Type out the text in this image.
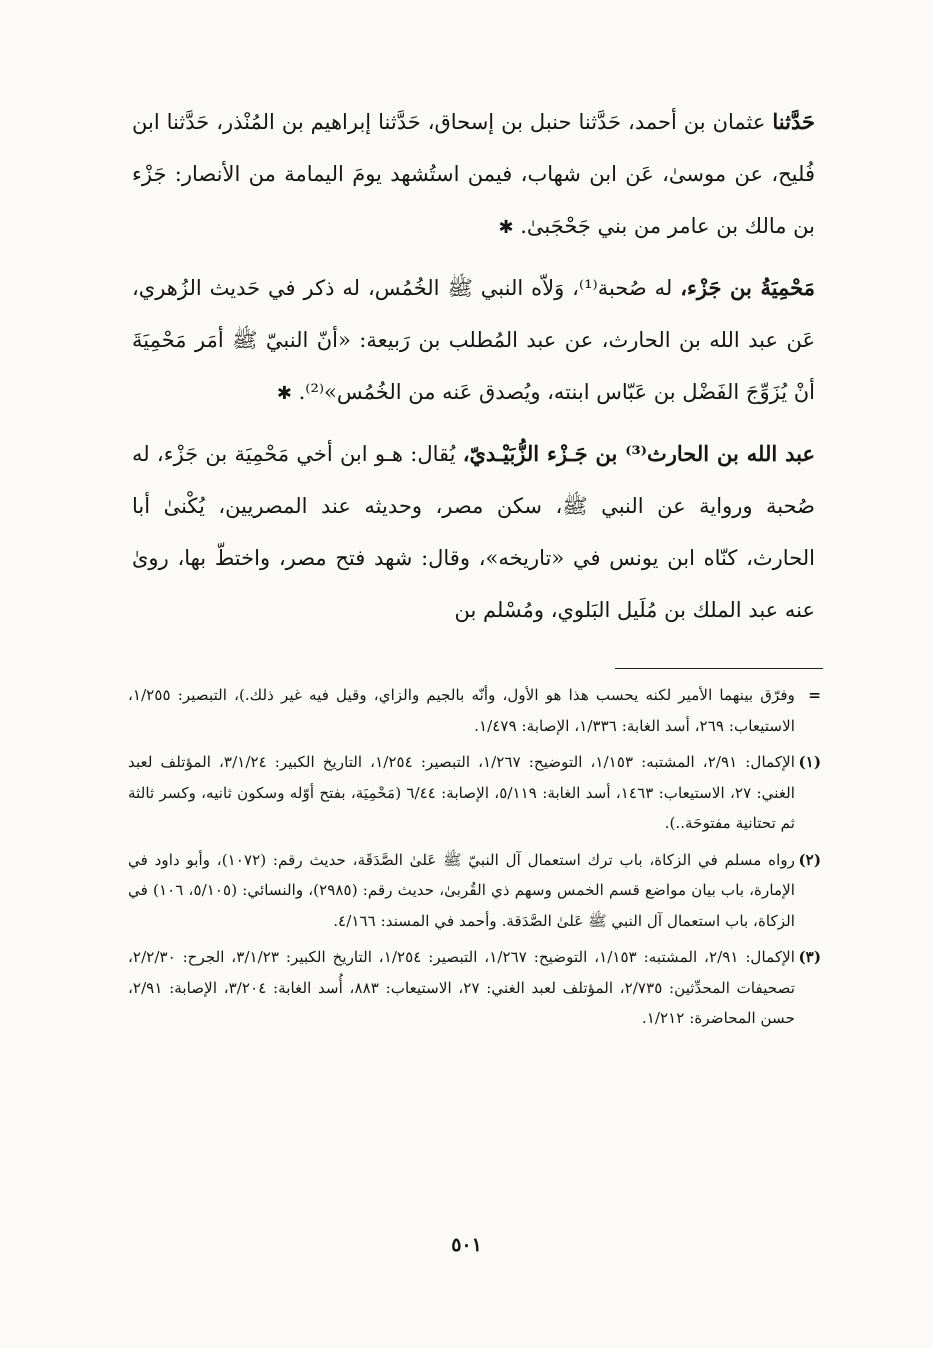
حَدَّثنا عثمان بن أحمد، حَدَّثنا حنبل بن إسحاق، حَدَّثنا إبراهيم بن المُنْذر، حَدَّثنا ابن فُليح، عن موسىٰ، عَن ابن شهاب، فيمن استُشهد يومَ اليمامة من الأنصار: جَزْء بن مالك بن عامر من بني جَحْجَبىٰ. ✱

مَحْمِيَةُ بن جَزْء، له صُحبة⁽¹⁾، وَلاّه النبي ﷺ الخُمُس، له ذكر في حَديث الزُهري، عَن عبد الله بن الحارث، عن عبد المُطلب بن رَبيعة: «أنّ النبيّ ﷺ أمَر مَحْمِيَةَ أنْ يُزَوِّجَ الفَضْل بن عَبّاس ابنته، ويُصدق عَنه من الخُمُس»⁽²⁾. ✱

عبد الله بن الحارث⁽³⁾ بن جَـزْء الزُّبَيْـديّ، يُقال: هـو ابن أخي مَحْمِيَة بن جَزْء، له صُحبة ورواية عن النبي ﷺ، سكن مصر، وحديثه عند المصريين، يُكْنىٰ أبا الحارث، كنّاه ابن يونس في «تاريخه»، وقال: شهد فتح مصر، واختطّ بها، روىٰ عنه عبد الملك بن مُلَيل البَلوي، ومُسْلم بن

=
وفرّق بينهما الأمير لكنه يحسب هذا هو الأول، وأنّه بالجيم والزاي، وقيل فيه غير ذلك.)، التبصير: ١/٢٥٥، الاستيعاب: ٢٦٩، أسد الغابة: ١/٣٣٦، الإصابة: ١/٤٧٩.
(١)
الإكمال: ٢/٩١، المشتبه: ١/١٥٣، التوضيح: ١/٢٦٧، التبصير: ١/٢٥٤، التاريخ الكبير: ٣/١/٢٤، المؤتلف لعبد الغني: ٢٧، الاستيعاب: ١٤٦٣، أسد الغابة: ٥/١١٩، الإصابة: ٦/٤٤ (مَحْمِيَة، بفتح أوّله وسكون ثانيه، وكسر ثالثة ثم تحتانية مفتوحَة..).
(٢)
رواه مسلم في الزكاة، باب ترك استعمال آل النبيّ ﷺ عَلىٰ الصَّدَقَة، حديث رقم: (١٠٧٢)، وأبو داود في الإمارة، باب بيان مواضع قسم الخمس وسهم ذي القُربىٰ، حديث رقم: (٢٩٨٥)، والنسائي: (٥/١٠٥، ١٠٦) في الزكاة، باب استعمال آل النبي ﷺ عَلىٰ الصَّدَقة. وأحمد في المسند: ٤/١٦٦.
(٣)
الإكمال: ٢/٩١، المشتبه: ١/١٥٣، التوضيح: ١/٢٦٧، التبصير: ١/٢٥٤، التاريخ الكبير: ٣/١/٢٣، الجرح: ٢/٢/٣٠، تصحيفات المحدِّثين: ٢/٧٣٥، المؤتلف لعبد الغني: ٢٧، الاستيعاب: ٨٨٣، أُسد الغابة: ٣/٢٠٤، الإصابة: ٢/٩١، حسن المحاضرة: ١/٢١٢.
٥٠١
